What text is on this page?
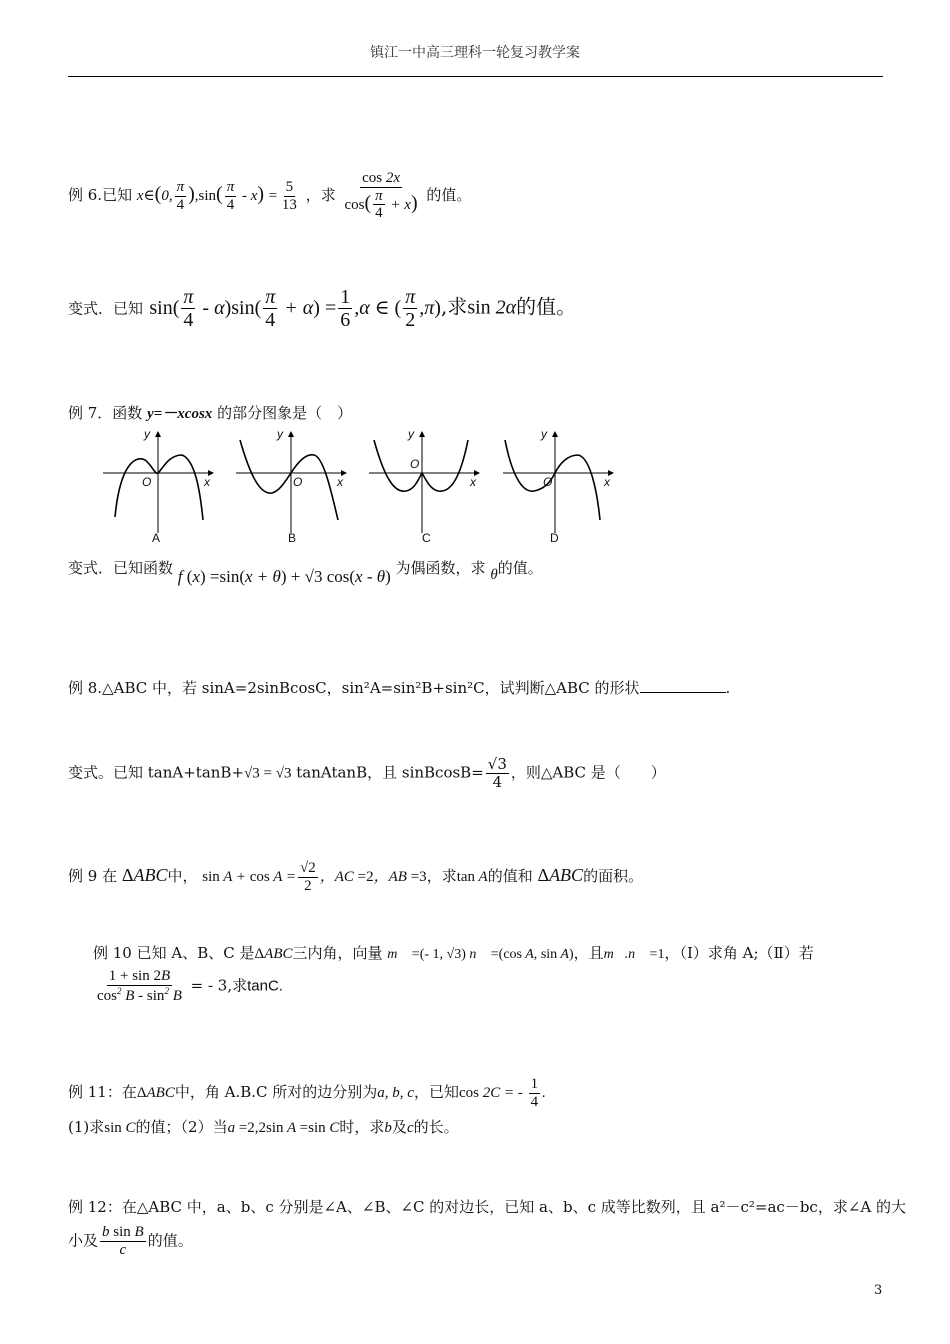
镇江一中高三理科一轮复习教学案
例 6.已知 x∈(0, $\frac{\pi}{4} ),\sin( \frac{\pi}{4} - x) = \frac{5}{13}$ ，求 $\frac{\cos 2x}{\cos( \frac{\pi}{4} + x)}$ 的值。
变式．已知 $\sin( \frac{\pi}{4} - \alpha)\sin( \frac{\pi}{4} + \alpha) = \frac{1}{6} ,\alpha$ ∈ ( $\frac{\pi}{2} ,\pi$),求sin 2α的值。
例 7．函数 y=－xcosx 的部分图象是（　）
y
x
O
A
y
x
O
B
y
x
O
C
y
x
O
D
变式．已知函数 f (x) =sin(x + θ) + √3 cos(x - θ) 为偶函数，求 θ的值。
例 8.△ABC 中，若 sinA=2sinBcosC，sin²A=sin²B+sin²C，试判断△ABC 的形状	.
变式。已知 tanA+tanB+√3 = √3 tanAtanB，且 sinBcosB= $\frac{√3}{4}$ ，则△ABC 是（　　）
例 9 在 ΔABC中， $\sin A + \cos A = \frac{√2}{2}$ ，AC =2，AB =3，求tan A的值和 ΔABC的面积。
例 10 已知 A、B、C 是ΔABC三内角，向量 m⃗ =(- 1, √3) n⃗ =(cos A, sin A)，且m⃗.n⃗ =1，（Ⅰ）求角 A;（Ⅱ）若
$\frac{1 + \sin 2B}{\cos^2 B - \sin^2 B}$ = - 3,求tanC.
例 11：在ΔABC中，角 A.B.C 所对的边分别为a, b, c，已知cos 2C = - $\frac{1}{4}$ .
(1)求sin C的值；（2）当a =2,2sin A =sin C时，求b及c的长。
例 12：在△ABC 中，a、b、c 分别是∠A、∠B、∠C 的对边长，已知 a、b、c 成等比数列，且 a²－c²=ac－bc，求∠A 的大
小及 $\frac{\text{b sin B}}{c}$ 的值。
3
